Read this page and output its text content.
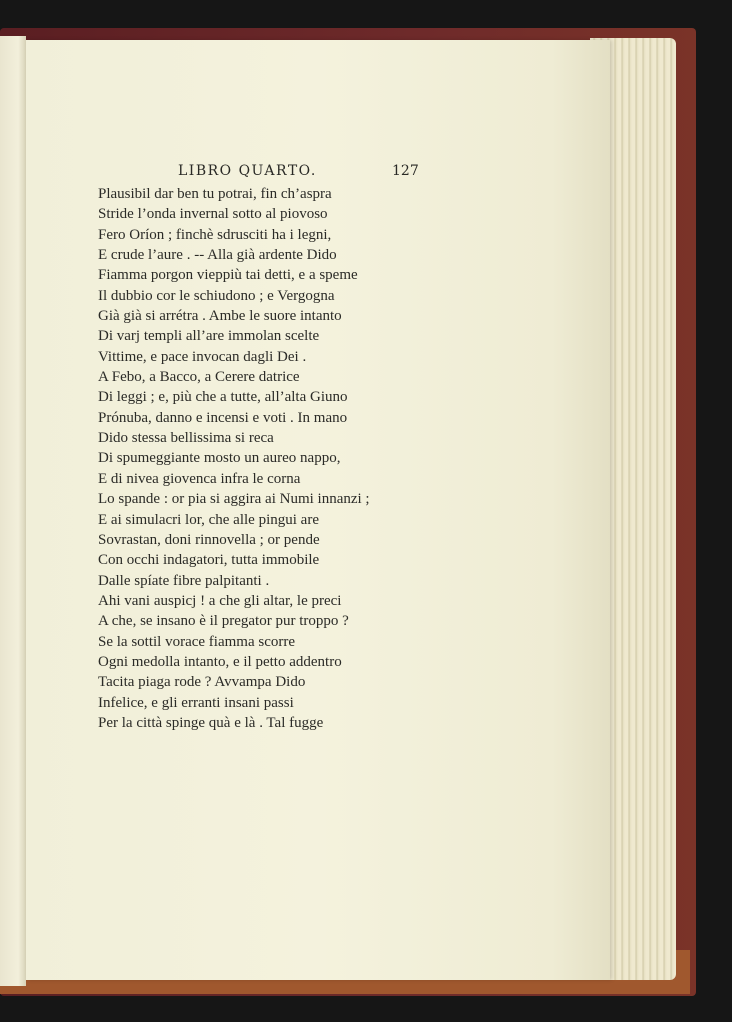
LIBRO QUARTO.	127
Plausibil dar ben tu potrai, fin ch’aspra
Stride l’onda invernal sotto al piovoso
Fero Oríon ; finchè sdrusciti ha i legni,
E crude l’aure . -- Alla già ardente Dido
Fiamma porgon vieppiù tai detti, e a speme
Il dubbio cor le schiudono ; e Vergogna
Già già si arrétra . Ambe le suore intanto
Di varj templi all’are immolan scelte
Vittime, e pace invocan dagli Dei .
A Febo, a Bacco, a Cerere datrice
Di leggi ; e, più che a tutte, all’alta Giuno
Prónuba, danno e incensi e voti . In mano
Dido stessa bellissima si reca
Di spumeggiante mosto un aureo nappo,
E di nivea giovenca infra le corna
Lo spande : or pia si aggira ai Numi innanzi ;
E ai simulacri lor, che alle pingui are
Sovrastan, doni rinnovella ; or pende
Con occhi indagatori, tutta immobile
Dalle spíate fibre palpitanti .
Ahi vani auspicj ! a che gli altar, le preci
A che, se insano è il pregator pur troppo ?
Se la sottil vorace fiamma scorre
Ogni medolla intanto, e il petto addentro
Tacita piaga rode ? Avvampa Dido
Infelice, e gli erranti insani passi
Per la città spinge quà e là . Tal fugge
